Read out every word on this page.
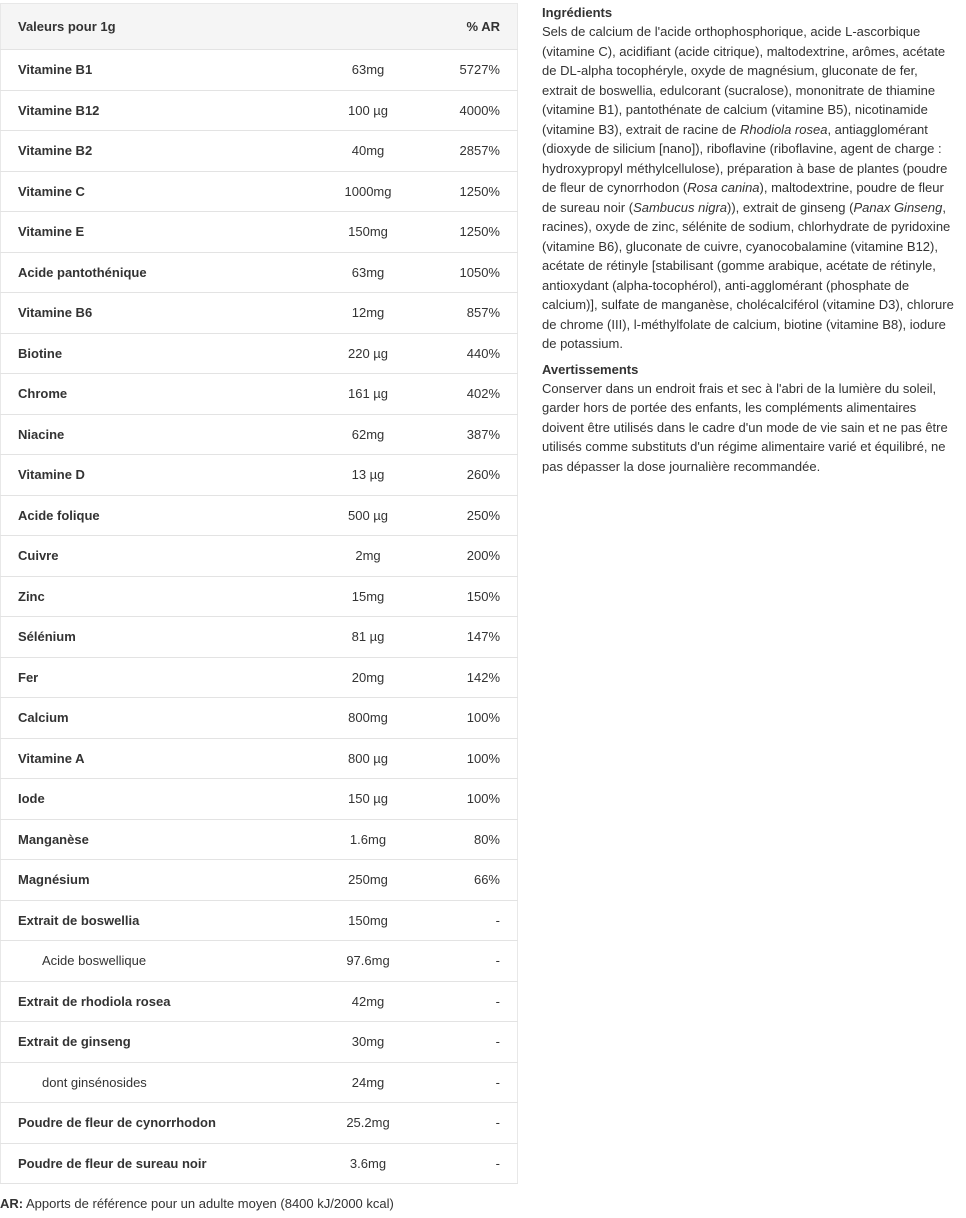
Valeurs pour 1g		% AR
Vitamine B1	63mg	5727%
Vitamine B12	100 µg	4000%
Vitamine B2	40mg	2857%
Vitamine C	1000mg	1250%
Vitamine E	150mg	1250%
Acide pantothénique	63mg	1050%
Vitamine B6	12mg	857%
Biotine	220 µg	440%
Chrome	161 µg	402%
Niacine	62mg	387%
Vitamine D	13 µg	260%
Acide folique	500 µg	250%
Cuivre	2mg	200%
Zinc	15mg	150%
Sélénium	81 µg	147%
Fer	20mg	142%
Calcium	800mg	100%
Vitamine A	800 µg	100%
Iode	150 µg	100%
Manganèse	1.6mg	80%
Magnésium	250mg	66%
Extrait de boswellia	150mg	-
Acide boswellique	97.6mg	-
Extrait de rhodiola rosea	42mg	-
Extrait de ginseng	30mg	-
dont ginsénosides	24mg	-
Poudre de fleur de cynorrhodon	25.2mg	-
Poudre de fleur de sureau noir	3.6mg	-
AR: Apports de référence pour un adulte moyen (8400 kJ/2000 kcal)
Ingrédients

Sels de calcium de l'acide orthophosphorique, acide L-ascorbique (vitamine C), acidifiant (acide citrique), maltodextrine, arômes, acétate de DL-alpha tocophéryle, oxyde de magnésium, gluconate de fer, extrait de boswellia, edulcorant (sucralose), mononitrate de thiamine (vitamine B1), pantothénate de calcium (vitamine B5), nicotinamide (vitamine B3), extrait de racine de Rhodiola rosea, antiagglomérant (dioxyde de silicium [nano]), riboflavine (riboflavine, agent de charge : hydroxypropyl méthylcellulose), préparation à base de plantes (poudre de fleur de cynorrhodon (Rosa canina), maltodextrine, poudre de fleur de sureau noir (Sambucus nigra)), extrait de ginseng (Panax Ginseng, racines), oxyde de zinc, sélénite de sodium, chlorhydrate de pyridoxine (vitamine B6), gluconate de cuivre, cyanocobalamine (vitamine B12), acétate de rétinyle [stabilisant (gomme arabique, acétate de rétinyle, antioxydant (alpha-tocophérol), anti-agglomérant (phosphate de calcium)], sulfate de manganèse, cholécalciférol (vitamine D3), chlorure de chrome (III), l-méthylfolate de calcium, biotine (vitamine B8), iodure de potassium.

Avertissements

Conserver dans un endroit frais et sec à l'abri de la lumière du soleil, garder hors de portée des enfants, les compléments alimentaires doivent être utilisés dans le cadre d'un mode de vie sain et ne pas être utilisés comme substituts d'un régime alimentaire varié et équilibré, ne pas dépasser la dose journalière recommandée.
